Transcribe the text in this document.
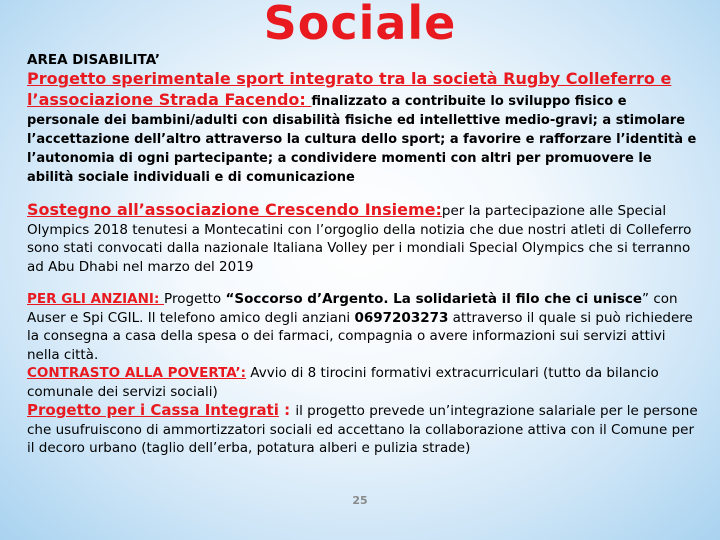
Sociale

AREA DISABILITA’

Progetto sperimentale sport integrato tra la società Rugby Colleferro e l’associazione Strada Facendo: finalizzato a contribuite lo sviluppo fisico e personale dei bambini/adulti con disabilità fisiche ed intellettive medio-gravi; a stimolare l’accettazione dell’altro attraverso la cultura dello sport; a favorire e rafforzare l’identità e l’autonomia di ogni partecipante; a condividere momenti con altri per promuovere le abilità sociale individuali e di comunicazione

Sostegno all’associazione Crescendo Insieme:per la partecipazione alle Special Olympics 2018 tenutesi a Montecatini con l’orgoglio della notizia che due nostri atleti di Colleferro sono stati convocati dalla nazionale Italiana Volley per i mondiali Special Olympics che si terranno ad Abu Dhabi nel marzo del 2019

PER GLI ANZIANI: Progetto “Soccorso d’Argento. La solidarietà il filo che ci unisce” con Auser e Spi CGIL. Il telefono amico degli anziani 0697203273 attraverso il quale si può richiedere la consegna a casa della spesa o dei farmaci, compagnia o avere informazioni sui servizi attivi nella città.

CONTRASTO ALLA POVERTA’: Avvio di 8 tirocini formativi extracurriculari (tutto da bilancio comunale dei servizi sociali)

Progetto per i Cassa Integrati : il progetto prevede un’integrazione salariale per le persone che usufruiscono di ammortizzatori sociali ed accettano la collaborazione attiva con il Comune per il decoro urbano (taglio dell’erba, potatura alberi e pulizia strade)

25
